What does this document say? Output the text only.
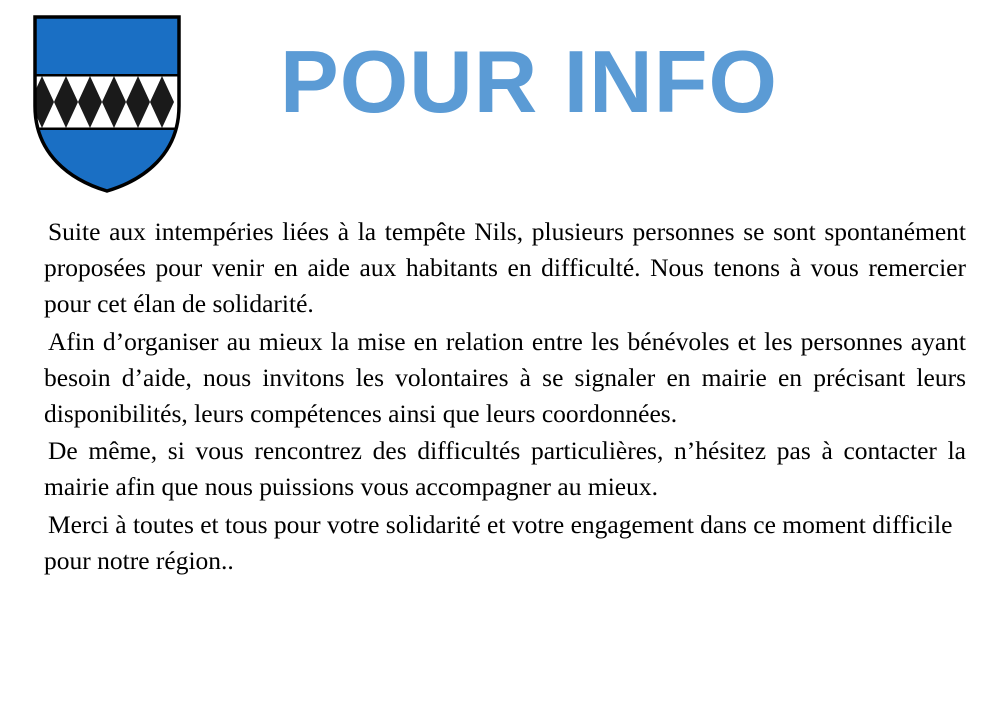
POUR INFO

Suite aux intempéries liées à la tempête Nils, plusieurs personnes se sont spontanément proposées pour venir en aide aux habitants en difficulté. Nous tenons à vous remercier pour cet élan de solidarité.

Afin d’organiser au mieux la mise en relation entre les bénévoles et les personnes ayant besoin d’aide, nous invitons les volontaires à se signaler en mairie en précisant leurs disponibilités, leurs compétences ainsi que leurs coordonnées.

De même, si vous rencontrez des difficultés particulières, n’hésitez pas à contacter la mairie afin que nous puissions vous accompagner au mieux.

Merci à toutes et tous pour votre solidarité et votre engagement dans ce moment difficile pour notre région..
